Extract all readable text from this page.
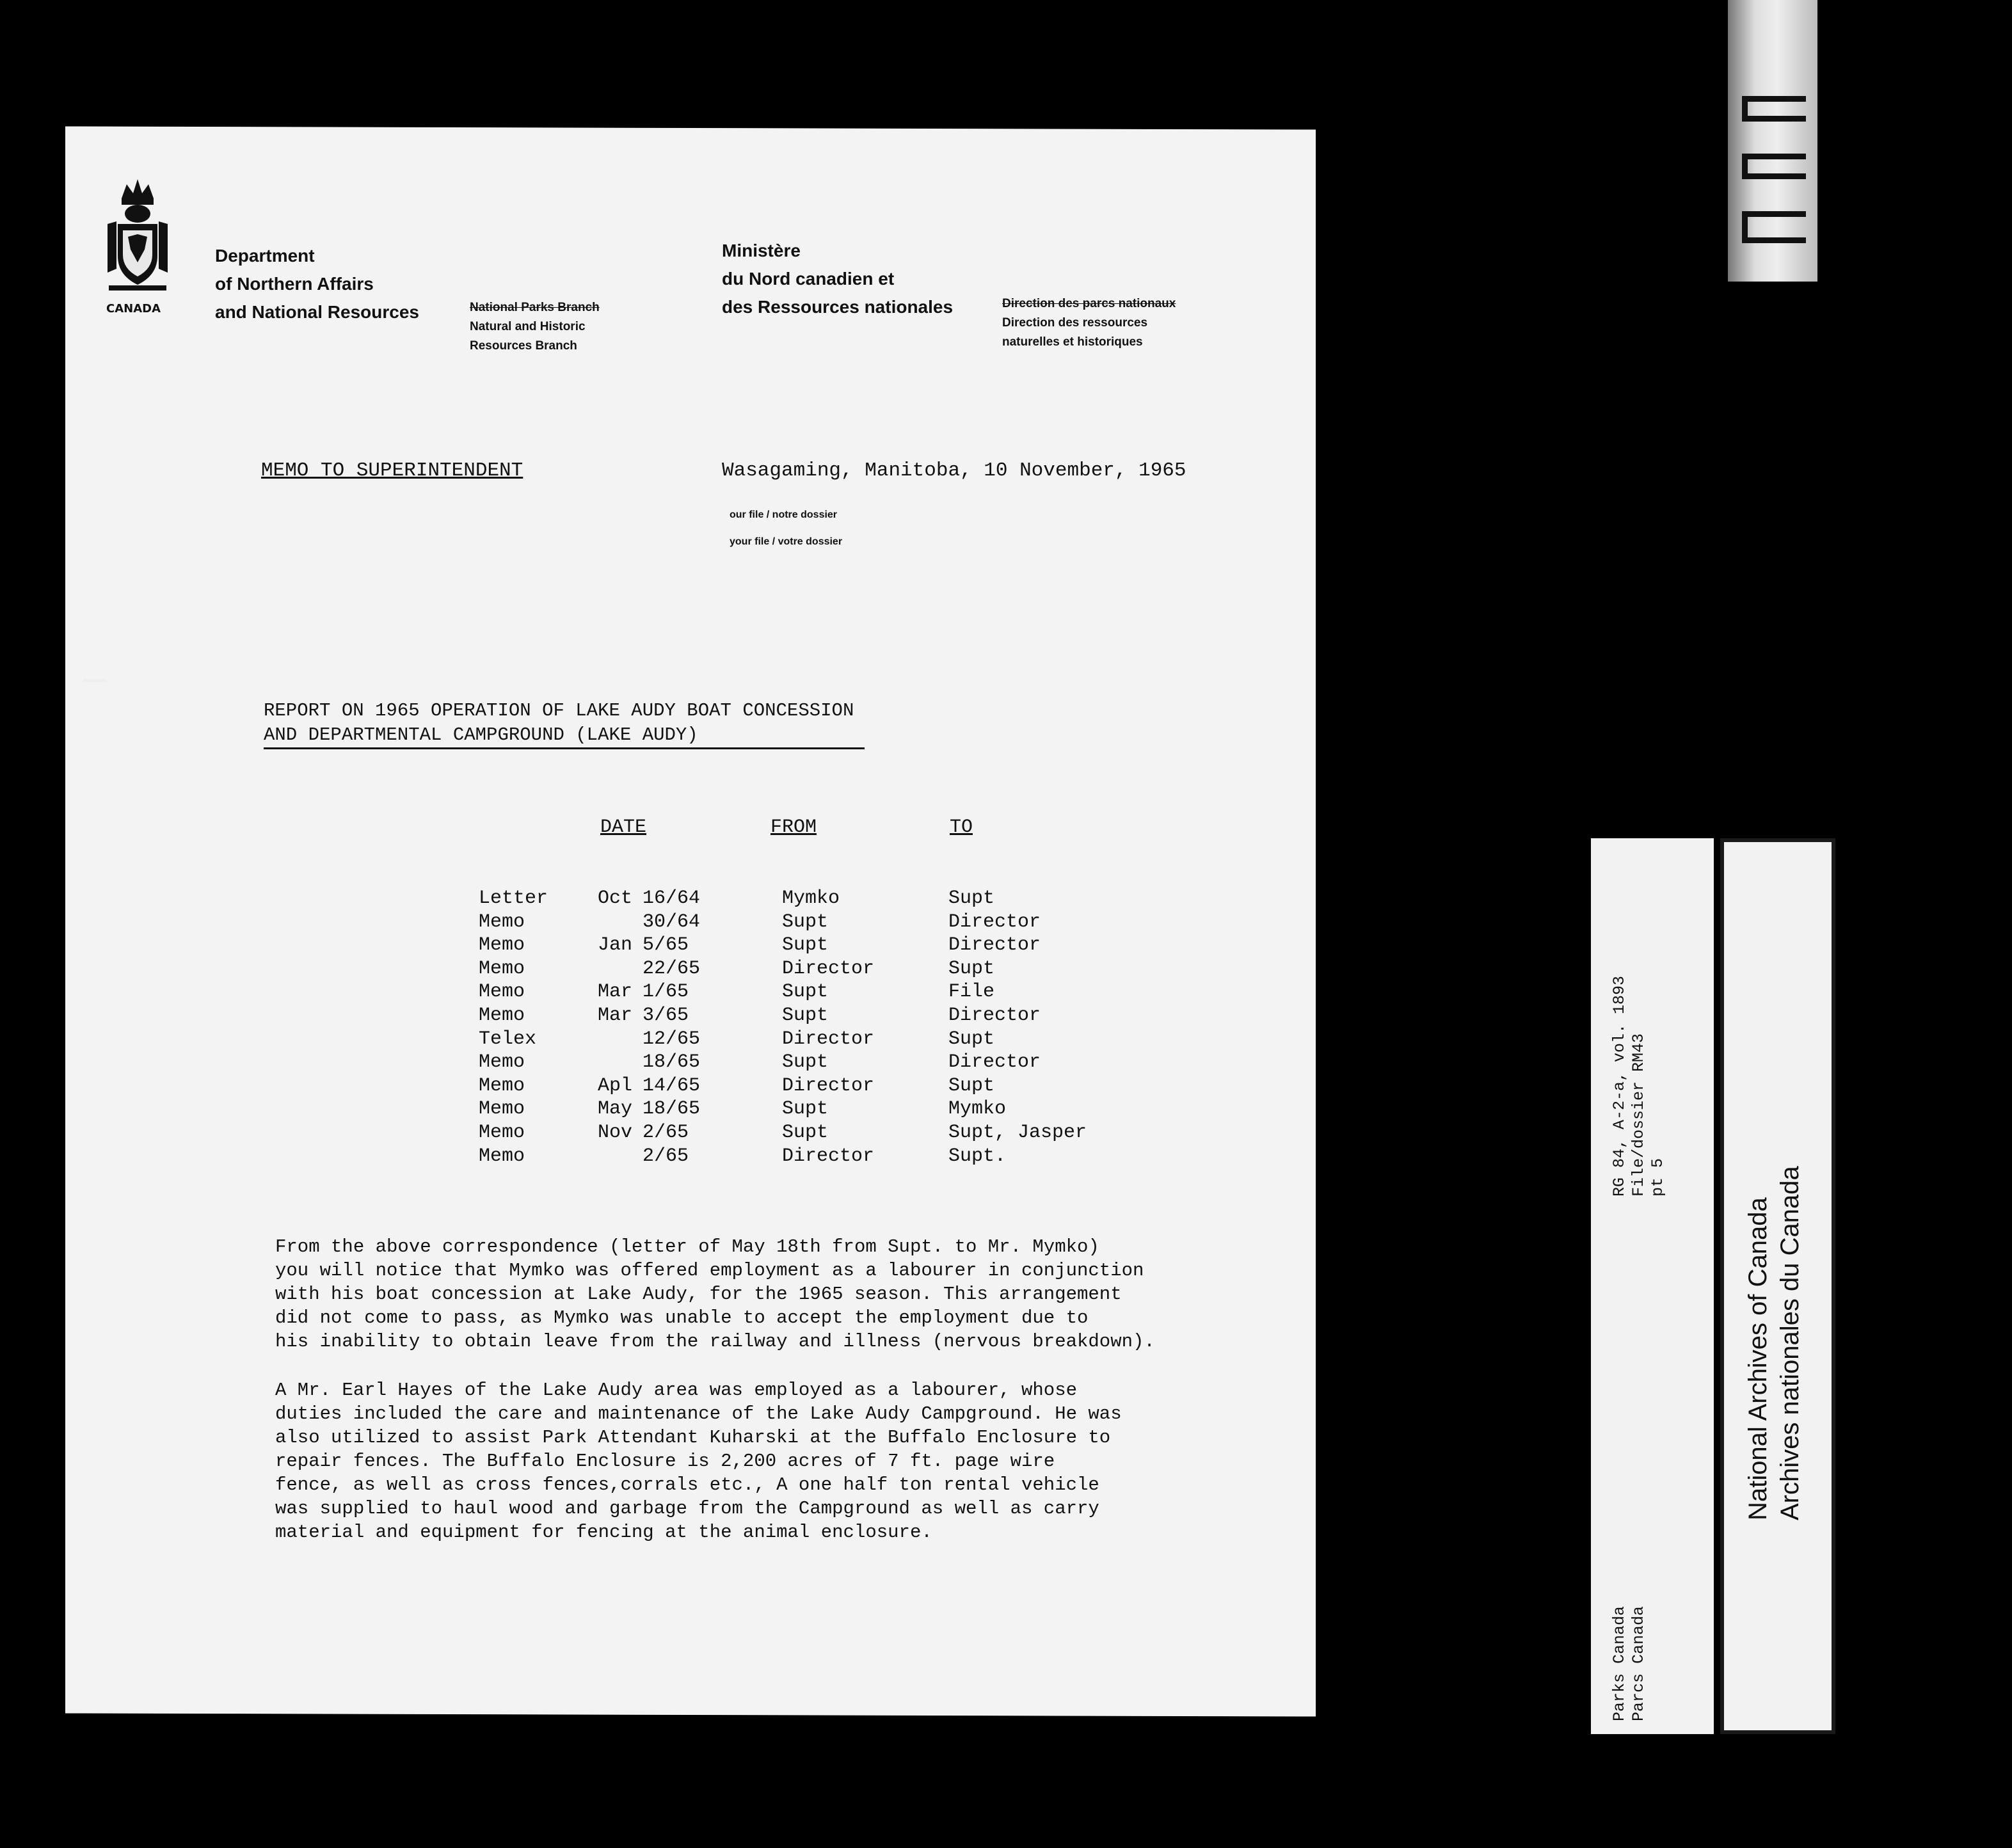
CANADA
Department
of Northern Affairs
and National Resources	National Parks Branch
Natural and Historic
Resources Branch
Ministère
du Nord canadien et
des Ressources nationales	Direction des parcs nationaux
Direction des ressources
naturelles et historiques
MEMO TO SUPERINTENDENT	Wasagaming, Manitoba, 10 November, 1965
our file / notre dossier
your file / votre dossier
REPORT ON 1965 OPERATION OF LAKE AUDY BOAT CONCESSION
AND DEPARTMENTAL CAMPGROUND (LAKE AUDY)
DATE	FROM	TO
Letter	Oct 16/64	Mymko	Supt
Memo	30/64	Supt	Director
Memo	Jan 5/65	Supt	Director
Memo	22/65	Director	Supt
Memo	Mar 1/65	Supt	File
Memo	Mar 3/65	Supt	Director
Telex	12/65	Director	Supt
Memo	18/65	Supt	Director
Memo	Apl 14/65	Director	Supt
Memo	May 18/65	Supt	Mymko
Memo	Nov 2/65	Supt	Supt, Jasper
Memo	2/65	Director	Supt.

From the above correspondence (letter of May 18th from Supt. to Mr. Mymko)
you will notice that Mymko was offered employment as a labourer in conjunction
with his boat concession at Lake Audy, for the 1965 season. This arrangement
did not come to pass, as Mymko was unable to accept the employment due to
his inability to obtain leave from the railway and illness (nervous breakdown).

A Mr. Earl Hayes of the Lake Audy area was employed as a labourer, whose
duties included the care and maintenance of the Lake Audy Campground. He was
also utilized to assist Park Attendant Kuharski at the Buffalo Enclosure to
repair fences. The Buffalo Enclosure is 2,200 acres of 7 ft. page wire
fence, as well as cross fences,corrals etc., A one half ton rental vehicle
was supplied to haul wood and garbage from the Campground as well as carry
material and equipment for fencing at the animal enclosure.

RG 84, A-2-a, vol. 1893
File/dossier RM43
pt 5
Parks Canada
Parcs Canada
National Archives of Canada
Archives nationales du Canada
